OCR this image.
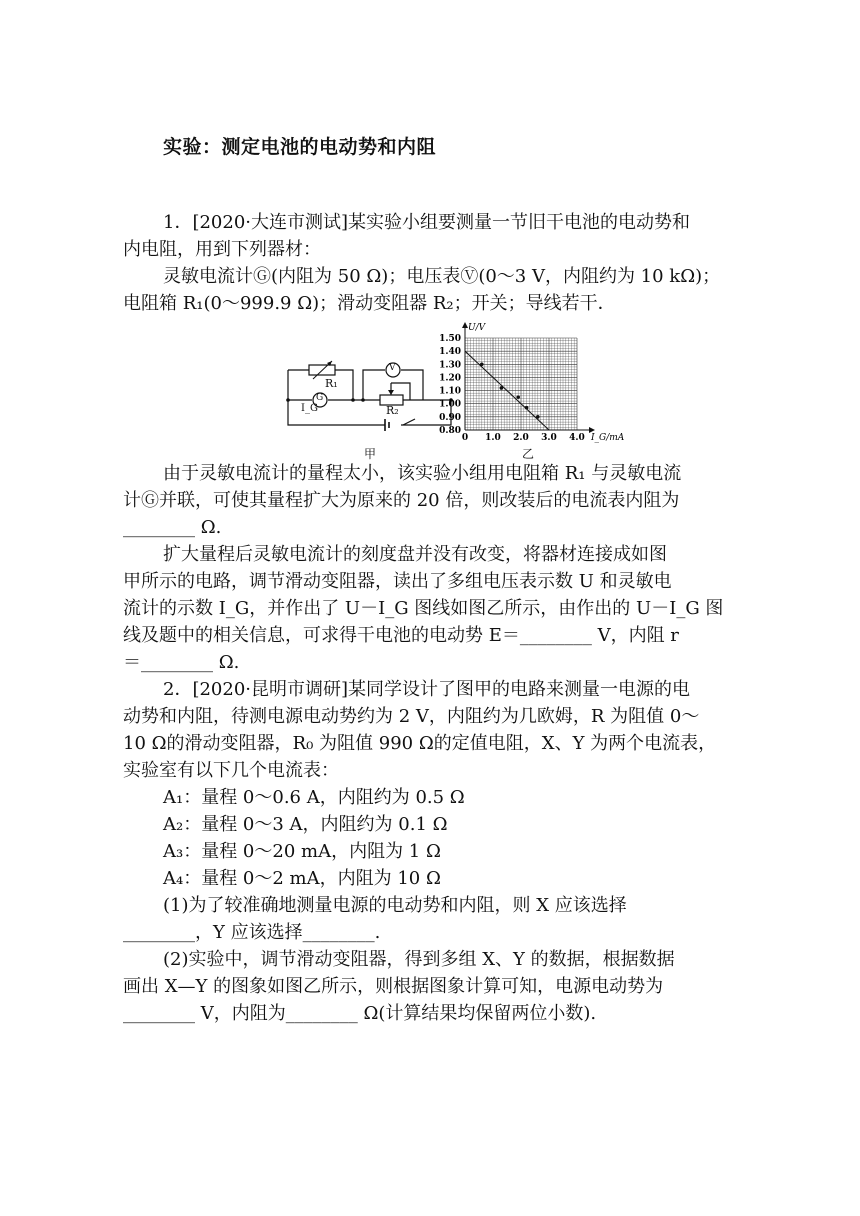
实验：测定电池的电动势和内阻
1．[2020·大连市测试]某实验小组要测量一节旧干电池的电动势和
内电阻，用到下列器材：
灵敏电流计Ⓖ(内阻为 50 Ω)；电压表Ⓥ(0～3 V，内阻约为 10 kΩ)；
电阻箱 R₁(0～999.9 Ω)；滑动变阻器 R₂；开关；导线若干．
R₁
R₂
G
V
I_G
甲
0.80
0.90
1.00
1.10
1.20
1.30
1.40
1.50
0 1.0 2.0 3.0 4.0
U/V
I_G/mA
乙
由于灵敏电流计的量程太小，该实验小组用电阻箱 R₁ 与灵敏电流
计Ⓖ并联，可使其量程扩大为原来的 20 倍，则改装后的电流表内阻为
________ Ω.
扩大量程后灵敏电流计的刻度盘并没有改变，将器材连接成如图
甲所示的电路，调节滑动变阻器，读出了多组电压表示数 U 和灵敏电
流计的示数 I_G，并作出了 U－I_G 图线如图乙所示，由作出的 U－I_G 图
线及题中的相关信息，可求得干电池的电动势 E＝________ V，内阻 r
＝________ Ω.
2．[2020·昆明市调研]某同学设计了图甲的电路来测量一电源的电
动势和内阻，待测电源电动势约为 2 V，内阻约为几欧姆，R 为阻值 0～
10 Ω的滑动变阻器，R₀ 为阻值 990 Ω的定值电阻，X、Y 为两个电流表，
实验室有以下几个电流表：
A₁：量程 0～0.6 A，内阻约为 0.5 Ω
A₂：量程 0～3 A，内阻约为 0.1 Ω
A₃：量程 0～20 mA，内阻为 1 Ω
A₄：量程 0～2 mA，内阻为 10 Ω
(1)为了较准确地测量电源的电动势和内阻，则 X 应该选择
________，Y 应该选择________.
(2)实验中，调节滑动变阻器，得到多组 X、Y 的数据，根据数据
画出 X—Y 的图象如图乙所示，则根据图象计算可知，电源电动势为
________ V，内阻为________ Ω(计算结果均保留两位小数).
